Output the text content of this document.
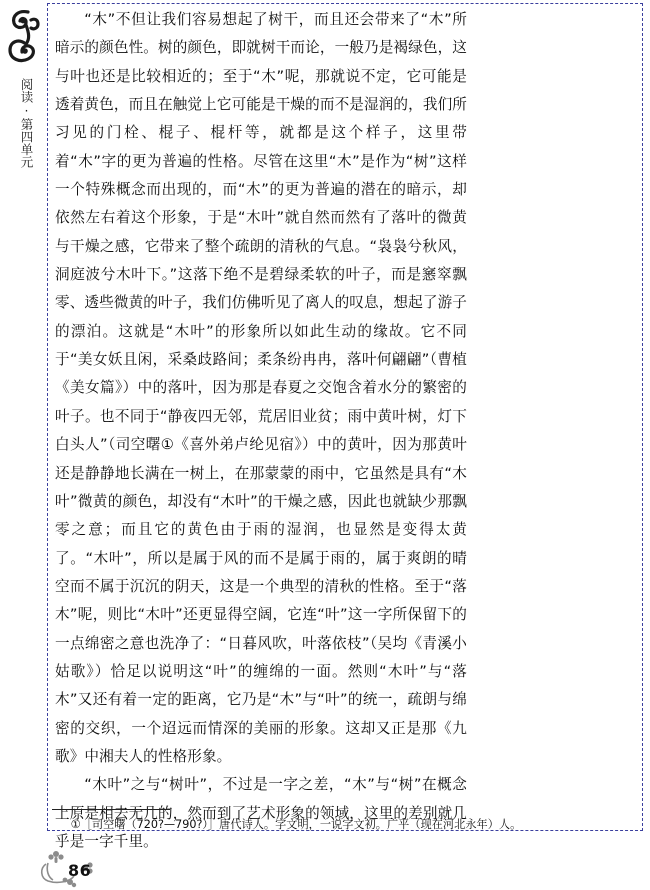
阅读·第四单元

“木”不但让我们容易想起了树干，而且还会带来了“木”所暗示的颜色性。树的颜色，即就树干而论，一般乃是褐绿色，这与叶也还是比较相近的；至于“木”呢，那就说不定，它可能是透着黄色，而且在触觉上它可能是干燥的而不是湿润的，我们所习见的门栓、棍子、棍杆等，就都是这个样子，这里带着“木”字的更为普遍的性格。尽管在这里“木”是作为“树”这样一个特殊概念而出现的，而“木”的更为普遍的潜在的暗示，却依然左右着这个形象，于是“木叶”就自然而然有了落叶的微黄与干燥之感，它带来了整个疏朗的清秋的气息。“袅袅兮秋风，洞庭波兮木叶下。”这落下绝不是碧绿柔软的叶子，而是窸窣飘零、透些微黄的叶子，我们仿佛听见了离人的叹息，想起了游子的漂泊。这就是“木叶”的形象所以如此生动的缘故。它不同于“美女妖且闲，采桑歧路间；柔条纷冉冉，落叶何翩翩”（曹植《美女篇》）中的落叶，因为那是春夏之交饱含着水分的繁密的叶子。也不同于“静夜四无邻，荒居旧业贫；雨中黄叶树，灯下白头人”（司空曙①《喜外弟卢纶见宿》）中的黄叶，因为那黄叶还是静静地长满在一树上，在那蒙蒙的雨中，它虽然是具有“木叶”微黄的颜色，却没有“木叶”的干燥之感，因此也就缺少那飘零之意；而且它的黄色由于雨的湿润，也显然是变得太黄了。“木叶”，所以是属于风的而不是属于雨的，属于爽朗的晴空而不属于沉沉的阴天，这是一个典型的清秋的性格。至于“落木”呢，则比“木叶”还更显得空阔，它连“叶”这一字所保留下的一点绵密之意也洗净了：“日暮风吹，叶落依枝”（吴均《青溪小姑歌》）恰足以说明这“叶”的缠绵的一面。然则“木叶”与“落木”又还有着一定的距离，它乃是“木”与“叶”的统一，疏朗与绵密的交织，一个迢远而情深的美丽的形象。这却又正是那《九歌》中湘夫人的性格形象。

“木叶”之与“树叶”，不过是一字之差，“木”与“树”在概念上原是相去无几的，然而到了艺术形象的领域，这里的差别就几乎是一字千里。

①［司空曙（720?—790?）］唐代诗人。字文明，一说字文初。广平（现在河北永年）人。
86
